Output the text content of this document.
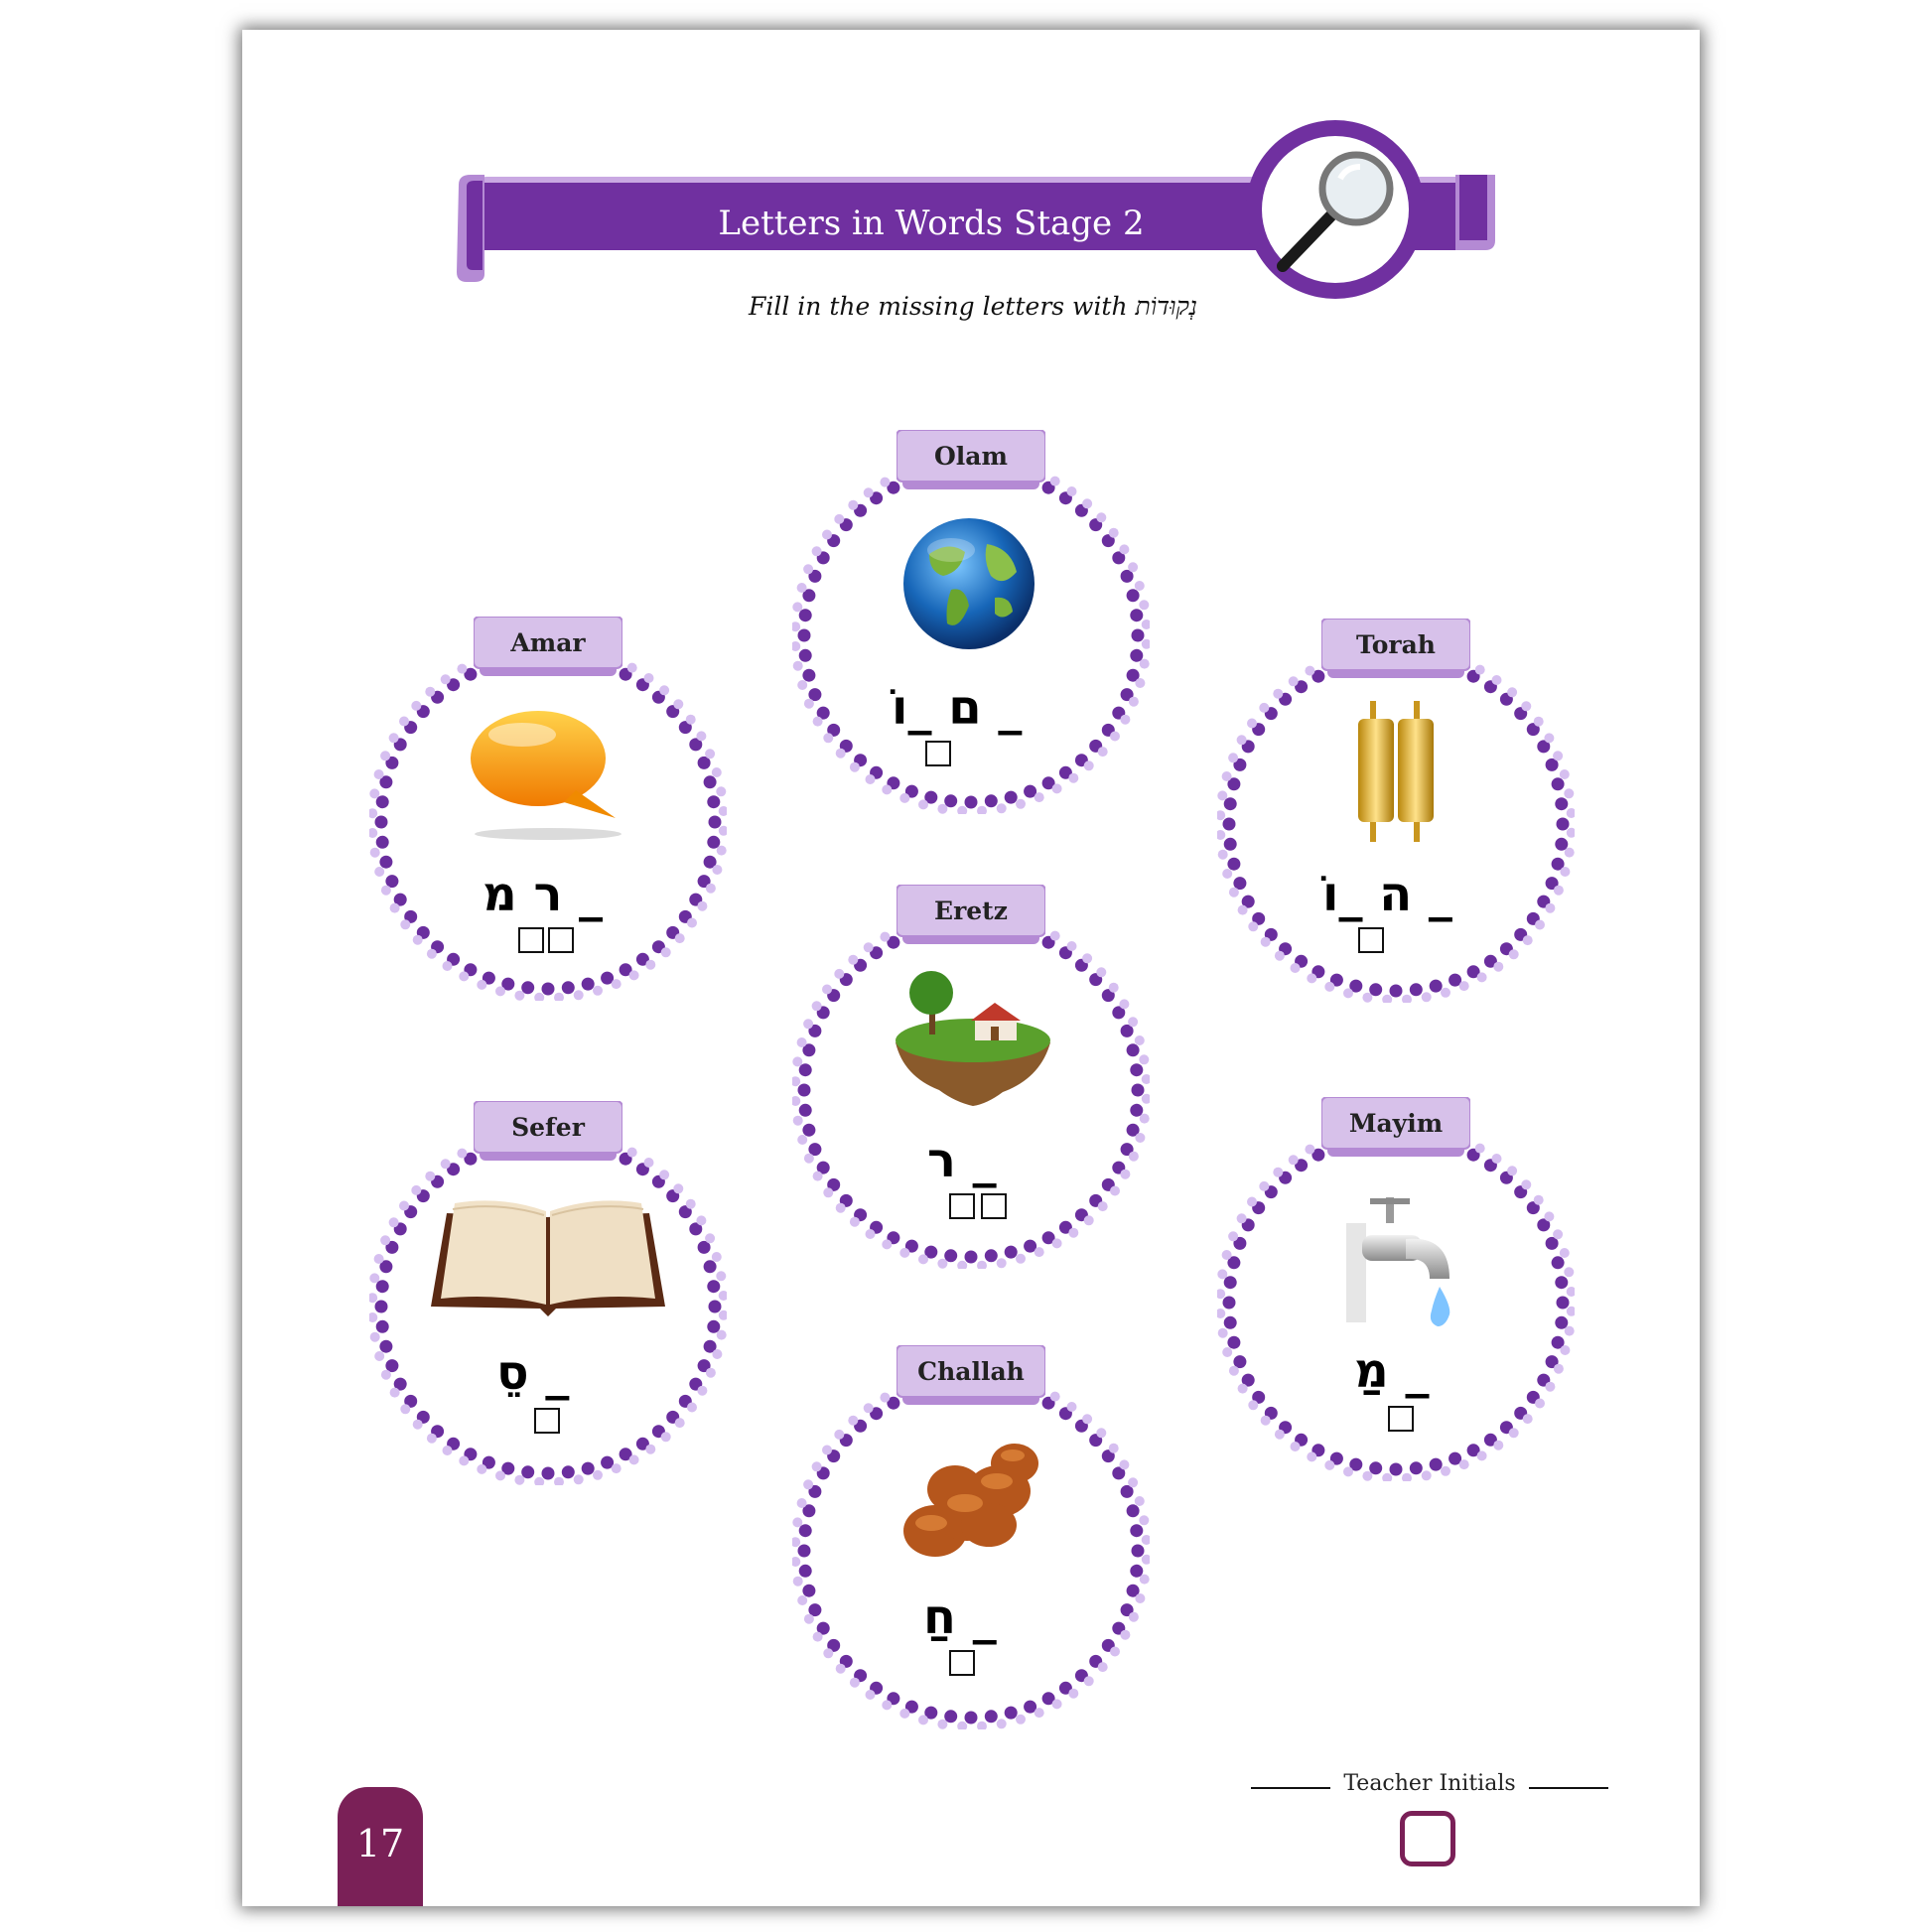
Letters in Words Stage 2
Fill in the missing letters with נְקוּדוֹת
Olam
ם _וֹ _
Amar
ר מ _
Torah
ה _וֹ _
Eretz
ר _
Sefer
סֵ _
Mayim
מַ _
Challah
חַ _
17
Teacher Initials
